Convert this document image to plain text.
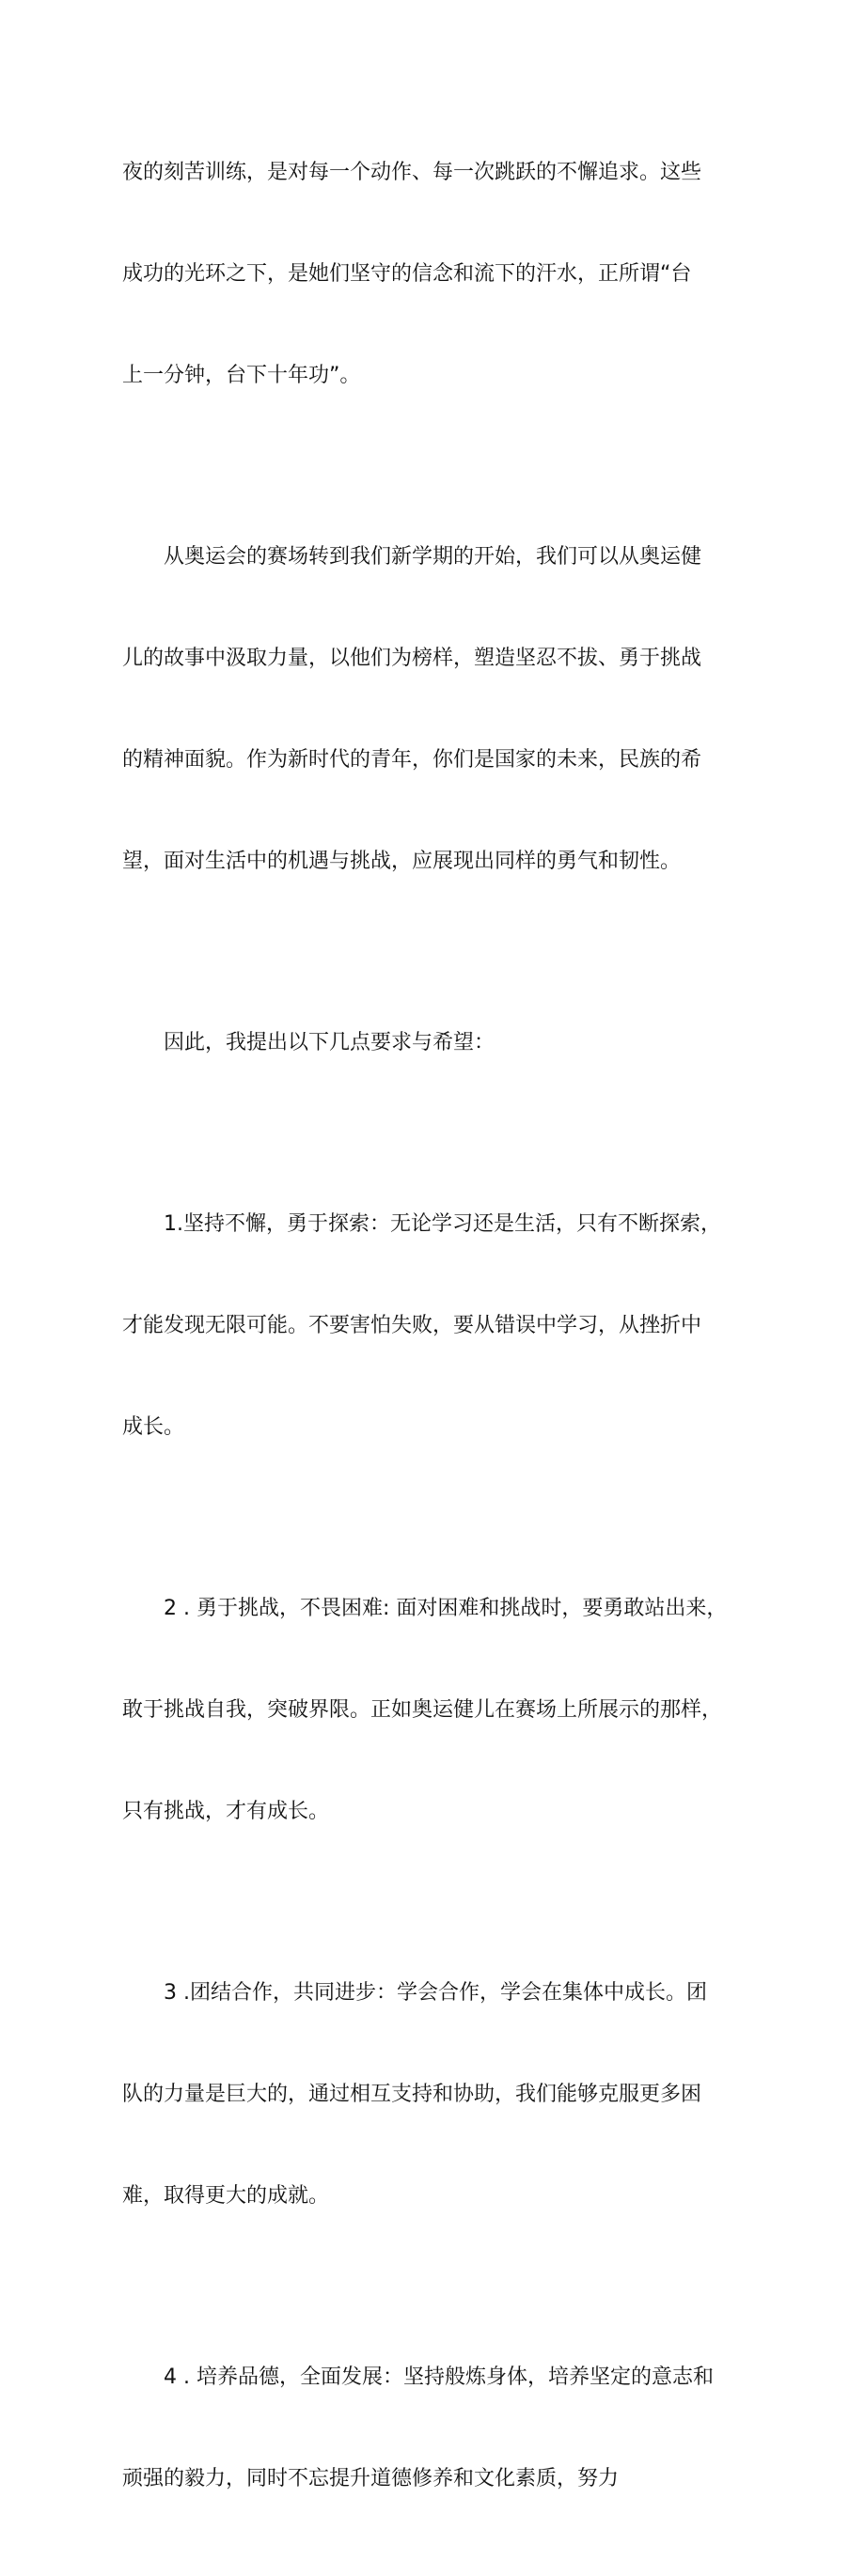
夜的刻苦训练，是对每一个动作、每一次跳跃的不懈追求。这些

成功的光环之下，是她们坚守的信念和流下的汗水，正所谓“台

上一分钟，台下十年功”。

从奥运会的赛场转到我们新学期的开始，我们可以从奥运健

儿的故事中汲取力量，以他们为榜样，塑造坚忍不拔、勇于挑战

的精神面貌。作为新时代的青年，你们是国家的未来，民族的希

望，面对生活中的机遇与挑战，应展现出同样的勇气和韧性。

因此，我提出以下几点要求与希望：

1.坚持不懈，勇于探索：无论学习还是生活，只有不断探索，

才能发现无限可能。不要害怕失败，要从错误中学习，从挫折中

成长。

2 . 勇于挑战，不畏困难: 面对困难和挑战时，要勇敢站出来，

敢于挑战自我，突破界限。正如奥运健儿在赛场上所展示的那样，

只有挑战，才有成长。

3 .团结合作，共同进步：学会合作，学会在集体中成长。团

队的力量是巨大的，通过相互支持和协助，我们能够克服更多困

难，取得更大的成就。

4 . 培养品德，全面发展：坚持般炼身体，培养坚定的意志和

顽强的毅力，同时不忘提升道德修养和文化素质，努力
